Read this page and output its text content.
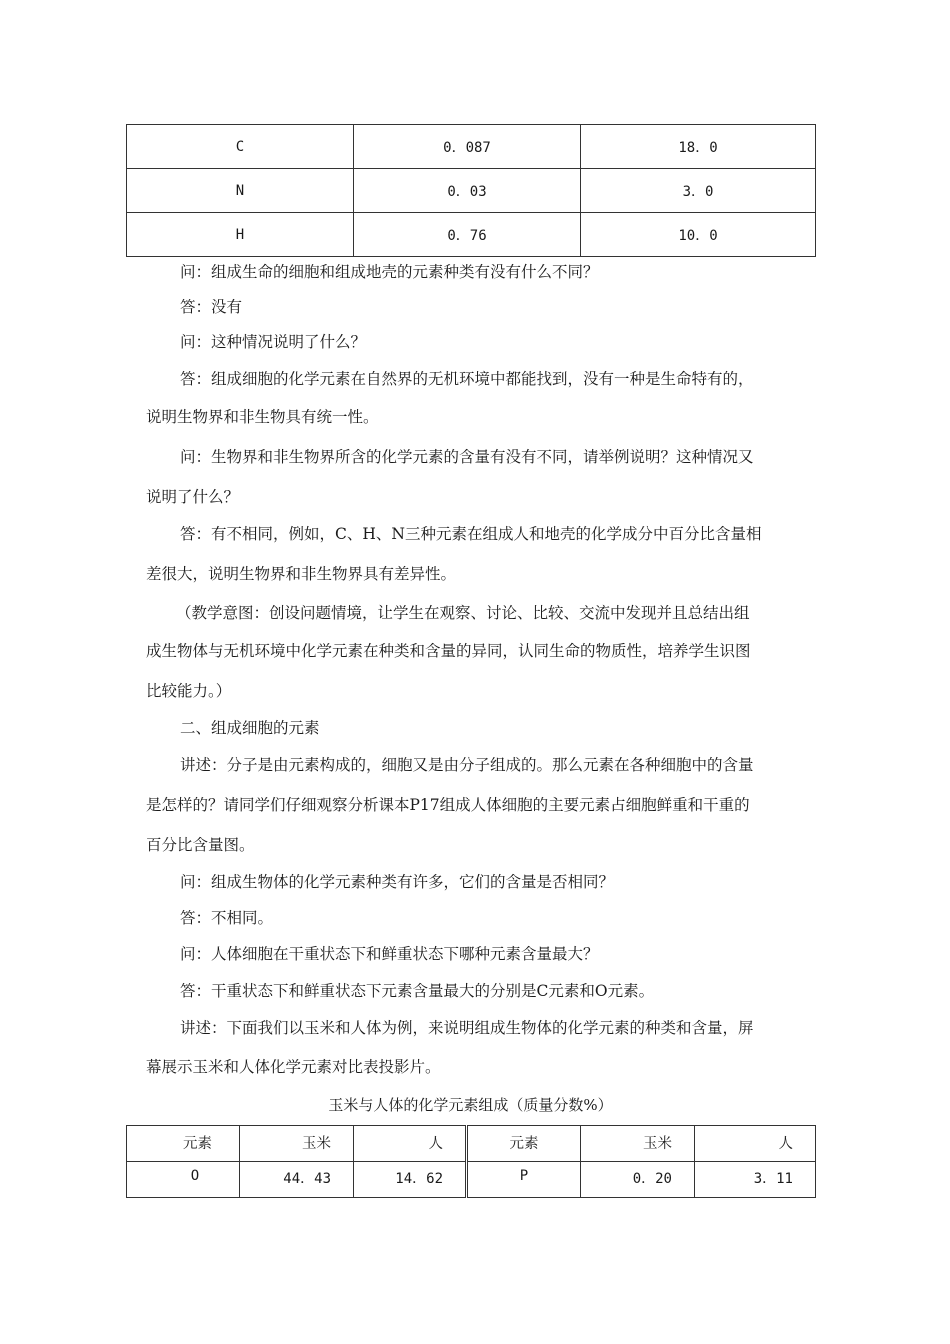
C	0．087	18．0
N	0．03	3．0
H	0．76	10．0
问：组成生命的细胞和组成地壳的元素种类有没有什么不同？
答：没有
问：这种情况说明了什么？
答：组成细胞的化学元素在自然界的无机环境中都能找到，没有一种是生命特有的，
说明生物界和非生物具有统一性。
问：生物界和非生物界所含的化学元素的含量有没有不同，请举例说明？这种情况又
说明了什么？
答：有不相同，例如，C、H、N三种元素在组成人和地壳的化学成分中百分比含量相
差很大，说明生物界和非生物界具有差异性。
（教学意图：创设问题情境，让学生在观察、讨论、比较、交流中发现并且总结出组
成生物体与无机环境中化学元素在种类和含量的异同，认同生命的物质性，培养学生识图
比较能力。）
二、组成细胞的元素
讲述：分子是由元素构成的，细胞又是由分子组成的。那么元素在各种细胞中的含量
是怎样的？请同学们仔细观察分析课本P17组成人体细胞的主要元素占细胞鲜重和干重的
百分比含量图。
问：组成生物体的化学元素种类有许多，它们的含量是否相同？
答：不相同。
问：人体细胞在干重状态下和鲜重状态下哪种元素含量最大？
答：干重状态下和鲜重状态下元素含量最大的分别是C元素和O元素。
讲述：下面我们以玉米和人体为例，来说明组成生物体的化学元素的种类和含量，屏
幕展示玉米和人体化学元素对比表投影片。
玉米与人体的化学元素组成（质量分数%）
元素	玉米	人	元素	玉米	人
O	44．43	14．62	P	0．20	3．11
